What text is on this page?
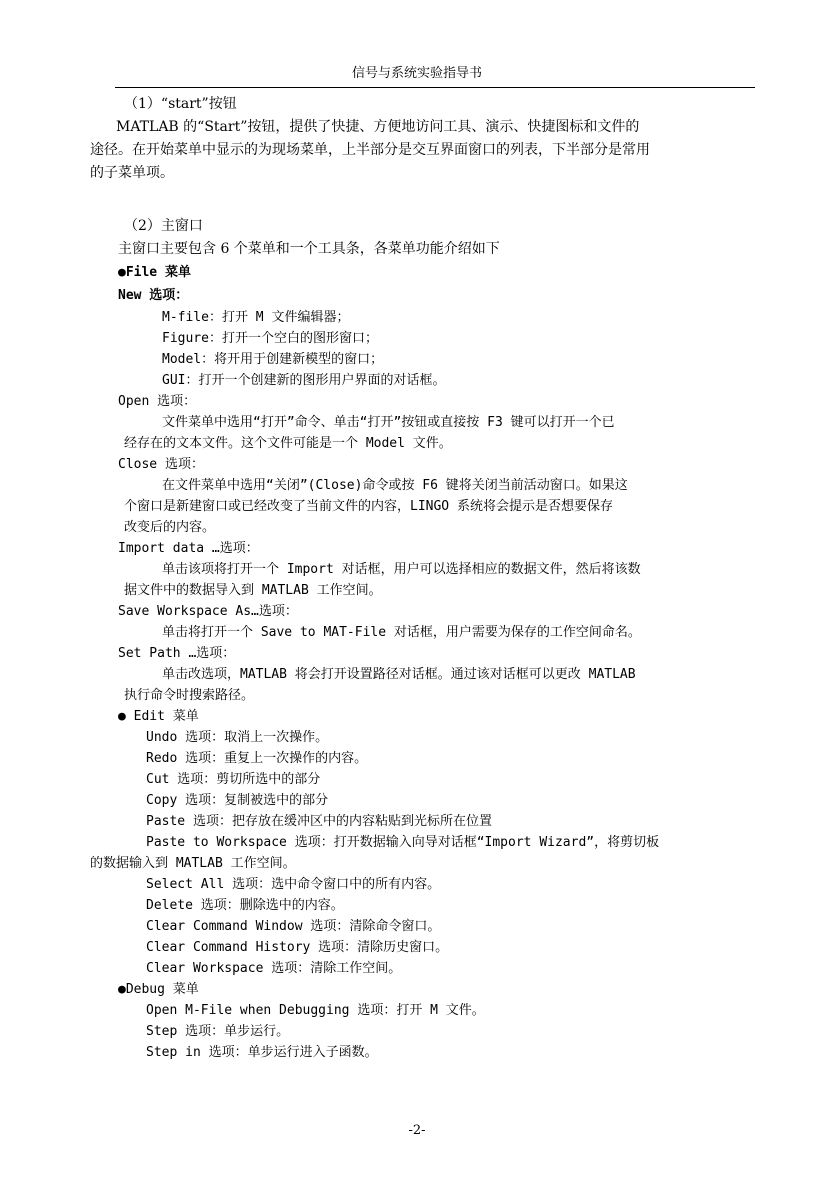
信号与系统实验指导书
（1）“start”按钮
MATLAB 的“Start”按钮，提供了快捷、方便地访问工具、演示、快捷图标和文件的
途径。在开始菜单中显示的为现场菜单，上半部分是交互界面窗口的列表，下半部分是常用
的子菜单项。
（2）主窗口
主窗口主要包含 6 个菜单和一个工具条，各菜单功能介绍如下
●File 菜单
New 选项：
M-file：打开 M 文件编辑器；
Figure：打开一个空白的图形窗口；
Model：将开用于创建新模型的窗口；
GUI：打开一个创建新的图形用户界面的对话框。
Open 选项：
文件菜单中选用“打开”命令、单击“打开”按钮或直接按 F3 键可以打开一个已
经存在的文本文件。这个文件可能是一个 Model 文件。
Close 选项：
在文件菜单中选用“关闭”(Close)命令或按 F6 键将关闭当前活动窗口。如果这
个窗口是新建窗口或已经改变了当前文件的内容，LINGO 系统将会提示是否想要保存
改变后的内容。
Import data …选项：
单击该项将打开一个 Import 对话框，用户可以选择相应的数据文件，然后将该数
据文件中的数据导入到 MATLAB 工作空间。
Save Workspace As…选项：
单击将打开一个 Save to MAT-File 对话框，用户需要为保存的工作空间命名。
Set Path …选项：
单击改选项，MATLAB 将会打开设置路径对话框。通过该对话框可以更改 MATLAB
执行命令时搜索路径。
● Edit 菜单
Undo 选项：取消上一次操作。
Redo 选项：重复上一次操作的内容。
Cut 选项：剪切所选中的部分
Copy 选项：复制被选中的部分
Paste 选项：把存放在缓冲区中的内容粘贴到光标所在位置
Paste to Workspace 选项：打开数据输入向导对话框“Import Wizard”，将剪切板
的数据输入到 MATLAB 工作空间。
Select All 选项：选中命令窗口中的所有内容。
Delete 选项：删除选中的内容。
Clear Command Window 选项：清除命令窗口。
Clear Command History 选项：清除历史窗口。
Clear Workspace 选项：清除工作空间。
●Debug 菜单
Open M-File when Debugging 选项：打开 M 文件。
Step 选项：单步运行。
Step in 选项：单步运行进入子函数。
-2-
